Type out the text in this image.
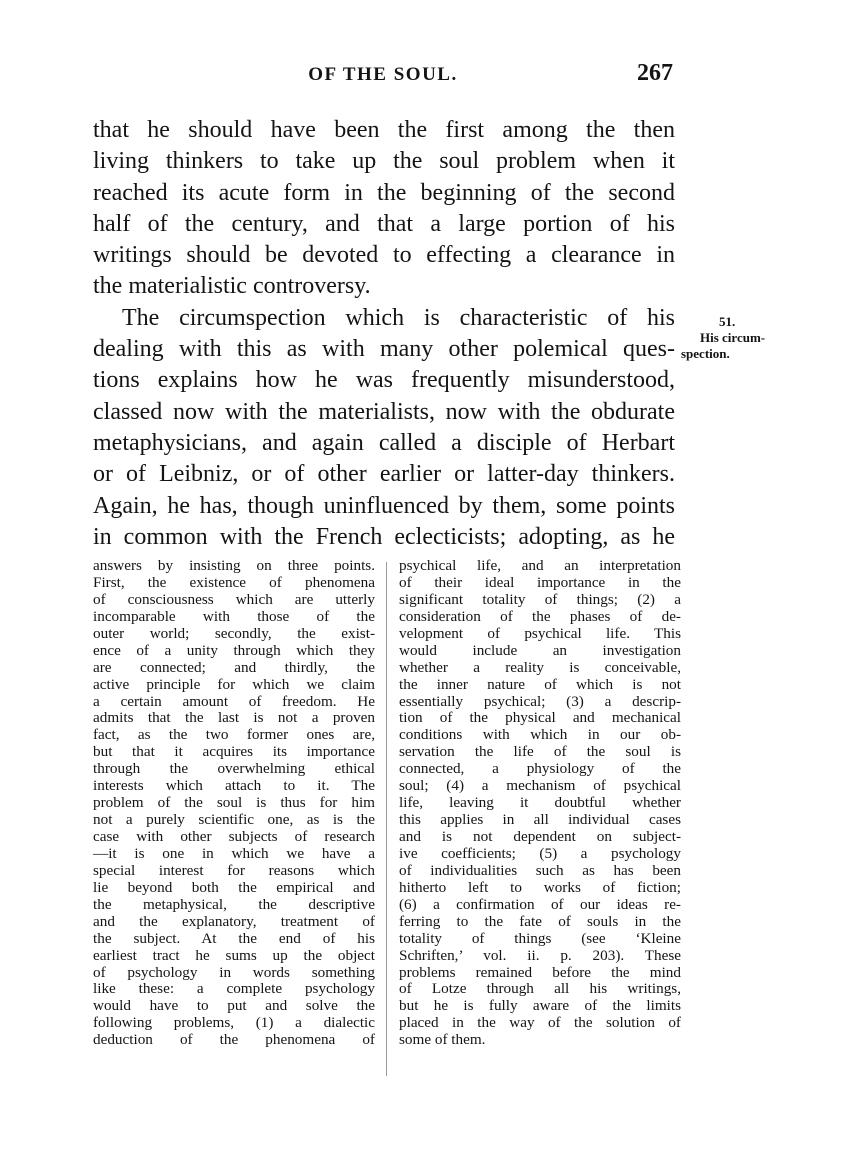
OF THE SOUL.	267
that he should have been the first among the then
living thinkers to take up the soul problem when it
reached its acute form in the beginning of the second
half of the century, and that a large portion of his
writings should be devoted to effecting a clearance in
the materialistic controversy.
The circumspection which is characteristic of his
dealing with this as with many other polemical ques-
tions explains how he was frequently misunderstood,
classed now with the materialists, now with the obdurate
metaphysicians, and again called a disciple of Herbart
or of Leibniz, or of other earlier or latter-day thinkers.
Again, he has, though uninfluenced by them, some points
in common with the French eclecticists; adopting, as he
51.
His circum-
spection.
answers by insisting on three points.
First, the existence of phenomena
of consciousness which are utterly
incomparable with those of the
outer world; secondly, the exist-
ence of a unity through which they
are connected; and thirdly, the
active principle for which we claim
a certain amount of freedom. He
admits that the last is not a proven
fact, as the two former ones are,
but that it acquires its importance
through the overwhelming ethical
interests which attach to it. The
problem of the soul is thus for him
not a purely scientific one, as is the
case with other subjects of research
—it is one in which we have a
special interest for reasons which
lie beyond both the empirical and
the metaphysical, the descriptive
and the explanatory, treatment of
the subject. At the end of his
earliest tract he sums up the object
of psychology in words something
like these: a complete psychology
would have to put and solve the
following problems, (1) a dialectic
deduction of the phenomena of
psychical life, and an interpretation
of their ideal importance in the
significant totality of things; (2) a
consideration of the phases of de-
velopment of psychical life. This
would include an investigation
whether a reality is conceivable,
the inner nature of which is not
essentially psychical; (3) a descrip-
tion of the physical and mechanical
conditions with which in our ob-
servation the life of the soul is
connected, a physiology of the
soul; (4) a mechanism of psychical
life, leaving it doubtful whether
this applies in all individual cases
and is not dependent on subject-
ive coefficients; (5) a psychology
of individualities such as has been
hitherto left to works of fiction;
(6) a confirmation of our ideas re-
ferring to the fate of souls in the
totality of things (see ‘Kleine
Schriften,’ vol. ii. p. 203). These
problems remained before the mind
of Lotze through all his writings,
but he is fully aware of the limits
placed in the way of the solution of
some of them.
